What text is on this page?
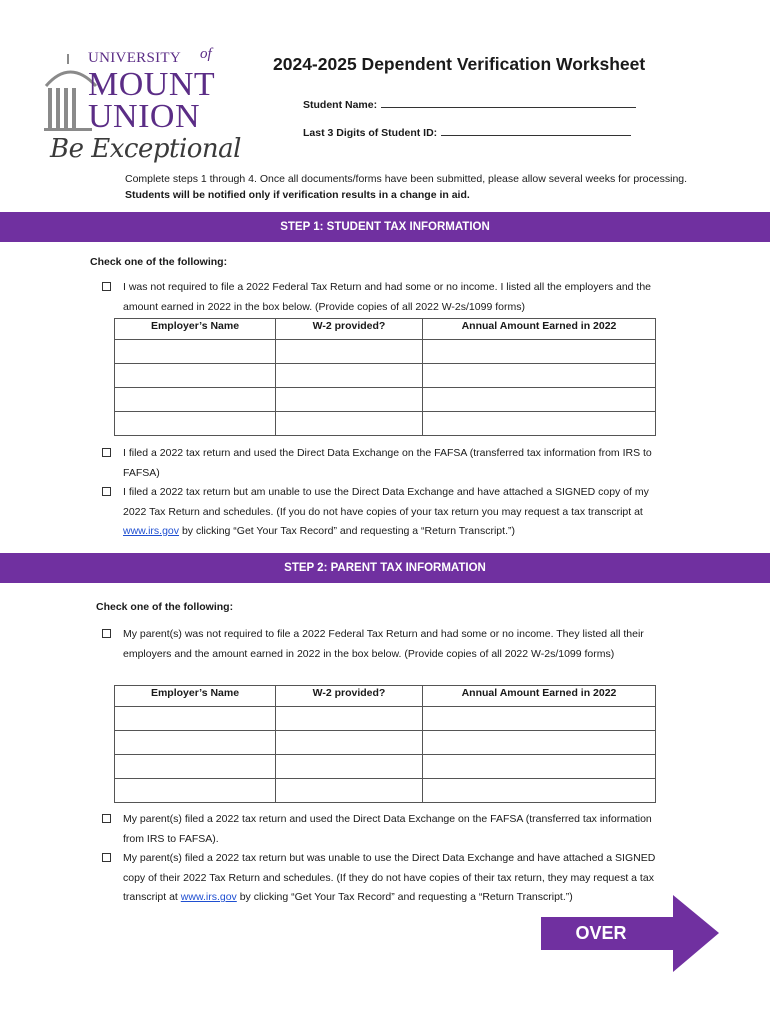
UNIVERSITY of
MOUNT
UNION
Be Exceptional
2024-2025 Dependent Verification Worksheet
Student Name:
Last 3 Digits of Student ID:
Complete steps 1 through 4. Once all documents/forms have been submitted, please allow several weeks for processing. Students will be notified only if verification results in a change in aid.
STEP 1: STUDENT TAX INFORMATION
Check one of the following:
I was not required to file a 2022 Federal Tax Return and had some or no income. I listed all the employers and the amount earned in 2022 in the box below. (Provide copies of all 2022 W-2s/1099 forms)
Employer’s Name	W-2 provided?	Annual Amount Earned in 2022

I filed a 2022 tax return and used the Direct Data Exchange on the FAFSA (transferred tax information from IRS to FAFSA)
I filed a 2022 tax return but am unable to use the Direct Data Exchange and have attached a SIGNED copy of my 2022 Tax Return and schedules. (If you do not have copies of your tax return you may request a tax transcript at www.irs.gov by clicking “Get Your Tax Record” and requesting a “Return Transcript.”)
STEP 2: PARENT TAX INFORMATION
Check one of the following:
My parent(s) was not required to file a 2022 Federal Tax Return and had some or no income. They listed all their employers and the amount earned in 2022 in the box below. (Provide copies of all 2022 W-2s/1099 forms)
Employer’s Name	W-2 provided?	Annual Amount Earned in 2022

My parent(s) filed a 2022 tax return and used the Direct Data Exchange on the FAFSA (transferred tax information from IRS to FAFSA).
My parent(s) filed a 2022 tax return but was unable to use the Direct Data Exchange and have attached a SIGNED copy of their 2022 Tax Return and schedules. (If they do not have copies of their tax return, they may request a tax transcript at www.irs.gov by clicking “Get Your Tax Record” and requesting a “Return Transcript.”)
OVER
